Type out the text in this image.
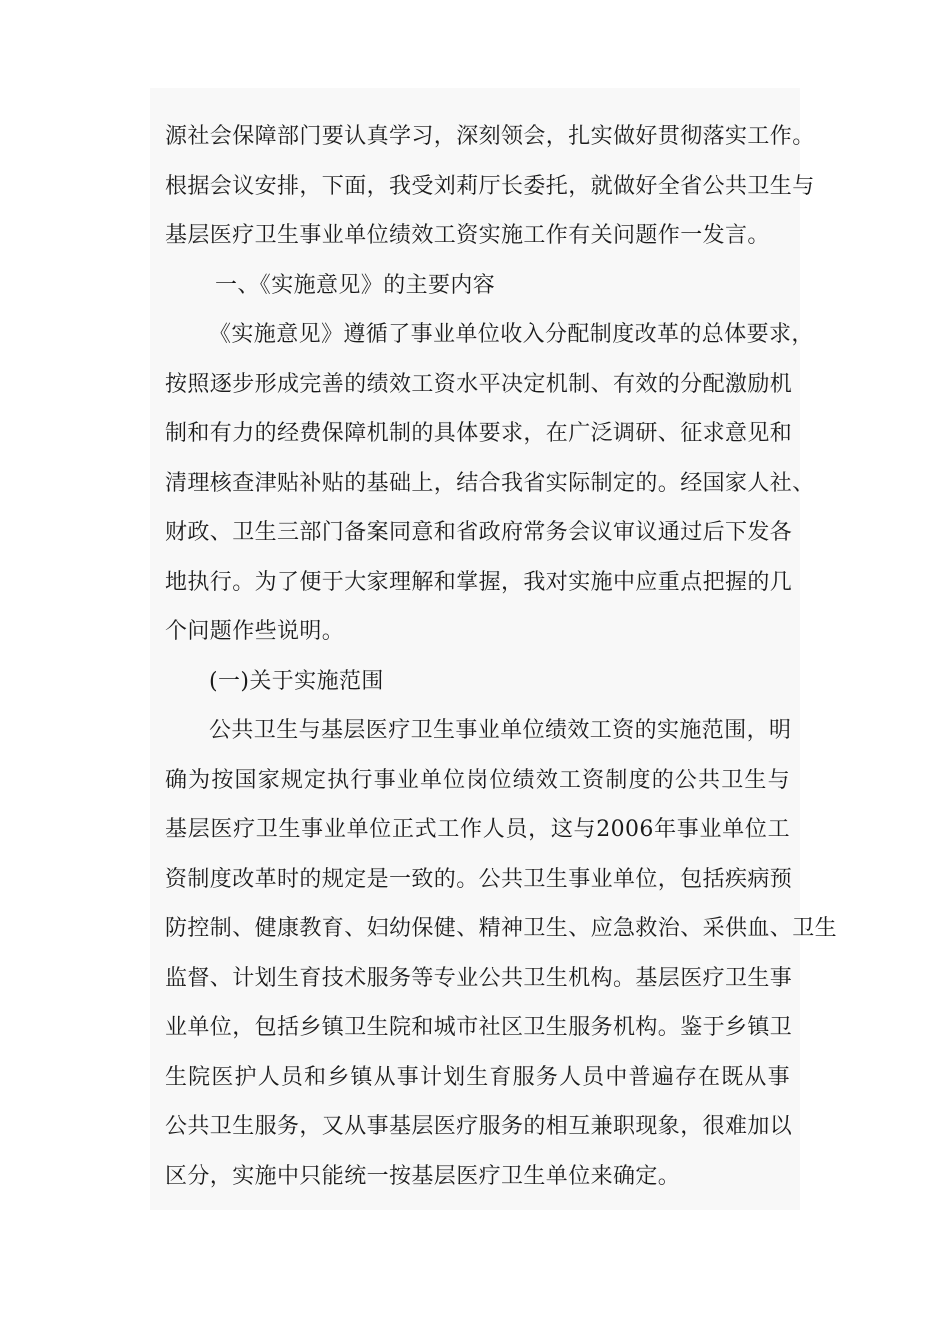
源社会保障部门要认真学习，深刻领会，扎实做好贯彻落实工作。
根据会议安排，下面，我受刘莉厅长委托，就做好全省公共卫生与
基层医疗卫生事业单位绩效工资实施工作有关问题作一发言。
一、《实施意见》的主要内容
《实施意见》遵循了事业单位收入分配制度改革的总体要求，
按照逐步形成完善的绩效工资水平决定机制、有效的分配激励机
制和有力的经费保障机制的具体要求，在广泛调研、征求意见和
清理核查津贴补贴的基础上，结合我省实际制定的。经国家人社、
财政、卫生三部门备案同意和省政府常务会议审议通过后下发各
地执行。为了便于大家理解和掌握，我对实施中应重点把握的几
个问题作些说明。
(一)关于实施范围
公共卫生与基层医疗卫生事业单位绩效工资的实施范围，明
确为按国家规定执行事业单位岗位绩效工资制度的公共卫生与
基层医疗卫生事业单位正式工作人员，这与2006年事业单位工
资制度改革时的规定是一致的。公共卫生事业单位，包括疾病预
防控制、健康教育、妇幼保健、精神卫生、应急救治、采供血、卫生
监督、计划生育技术服务等专业公共卫生机构。基层医疗卫生事
业单位，包括乡镇卫生院和城市社区卫生服务机构。鉴于乡镇卫
生院医护人员和乡镇从事计划生育服务人员中普遍存在既从事
公共卫生服务，又从事基层医疗服务的相互兼职现象，很难加以
区分，实施中只能统一按基层医疗卫生单位来确定。
